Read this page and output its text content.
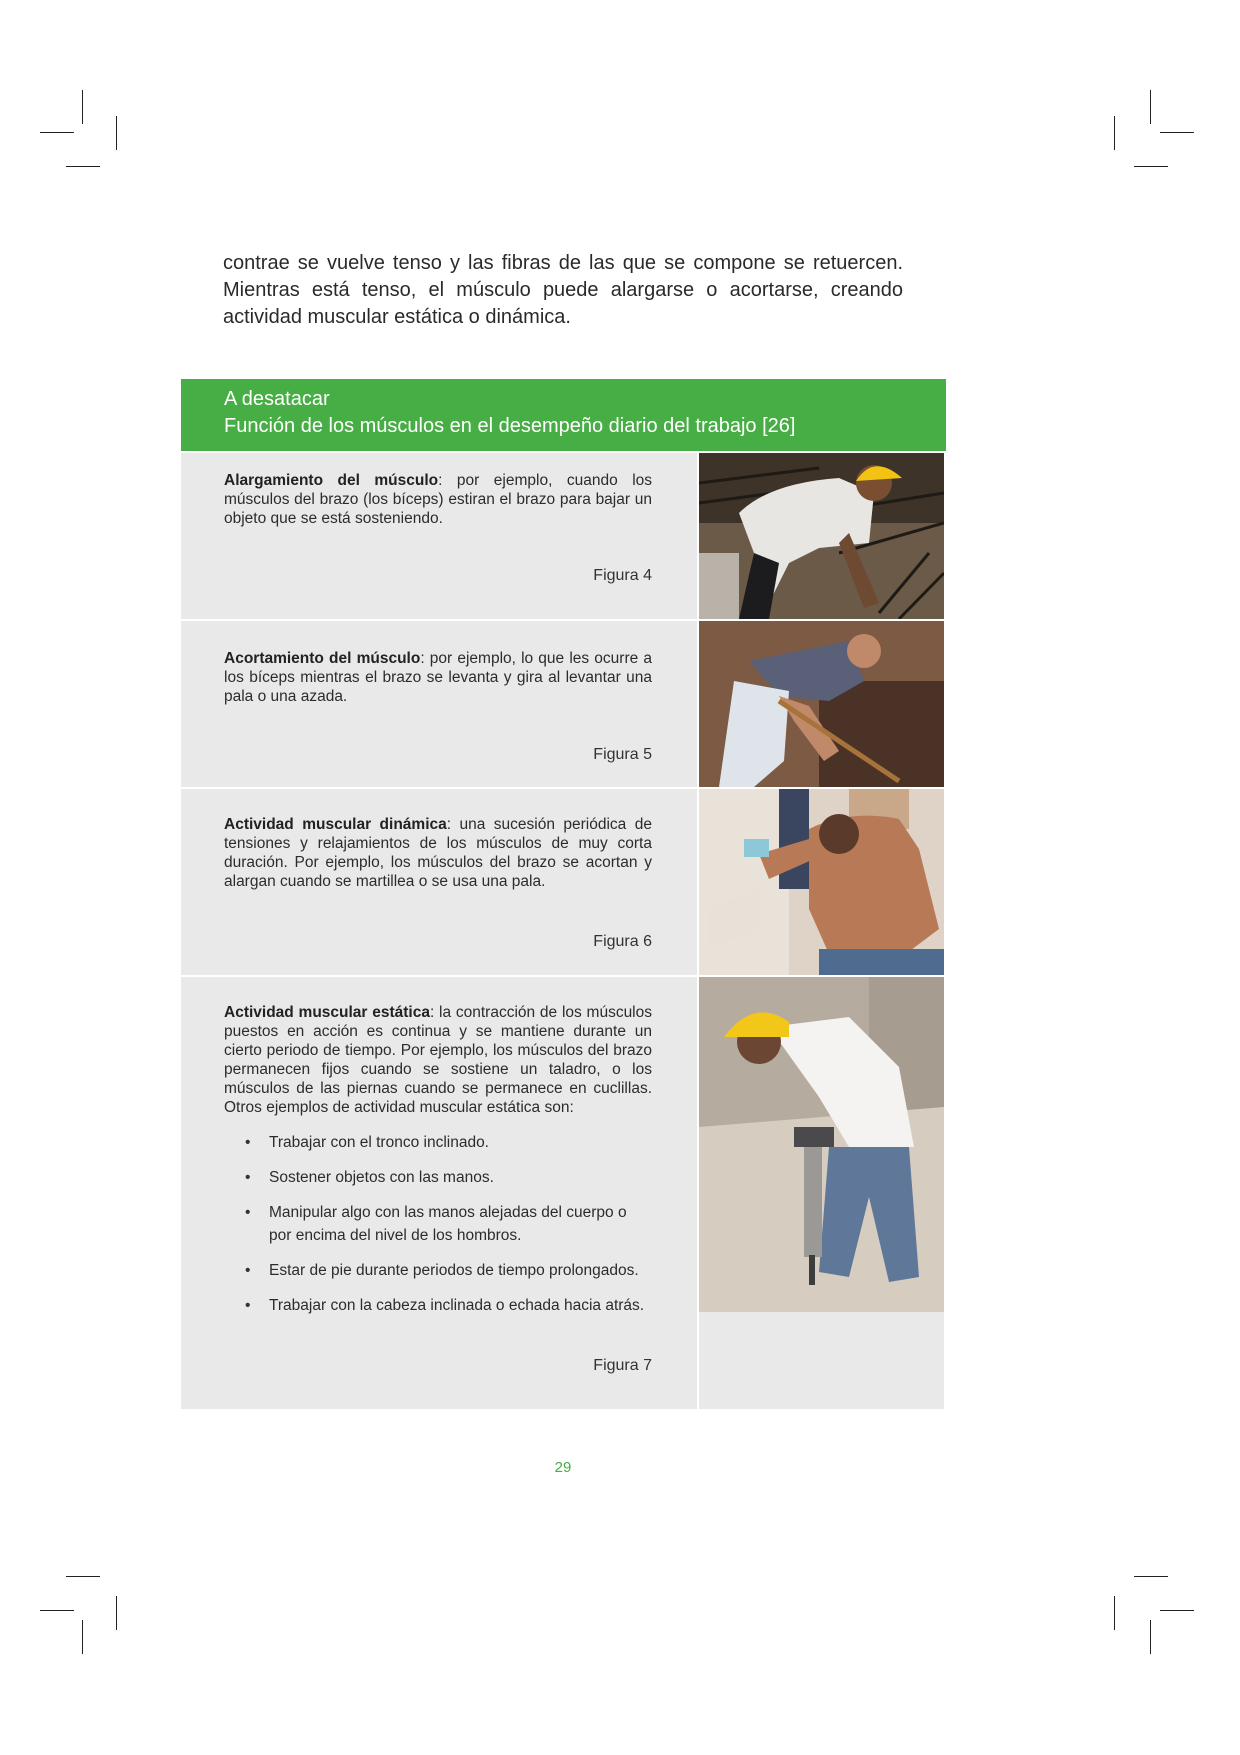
contrae se vuelve tenso y las fibras de las que se compone se retuercen. Mientras está tenso, el músculo puede alargarse o acortarse, creando actividad muscular estática o dinámica.

A desatacar
Función de los músculos en el desempeño diario del trabajo [26]

Alargamiento del músculo: por ejemplo, cuando los músculos del brazo (los bíceps) estiran el brazo para bajar un objeto que se está sosteniendo.

Figura 4

Acortamiento del músculo: por ejemplo, lo que les ocurre a los bíceps mientras el brazo se levanta y gira al levantar una pala o una azada.

Figura 5

Actividad muscular dinámica: una sucesión periódica de tensiones y relajamientos de los músculos de muy corta duración. Por ejemplo, los músculos del brazo se acortan y alargan cuando se martillea o se usa una pala.

Figura 6

Actividad muscular estática: la contracción de los músculos puestos en acción es continua y se mantiene durante un cierto periodo de tiempo. Por ejemplo, los músculos del brazo permanecen fijos cuando se sostiene un taladro, o los músculos de las piernas cuando se permanece en cuclillas. Otros ejemplos de actividad muscular estática son:

• Trabajar con el tronco inclinado.
• Sostener objetos con las manos.
• Manipular algo con las manos alejadas del cuerpo o por encima del nivel de los hombros.
• Estar de pie durante periodos de tiempo prolongados.
• Trabajar con la cabeza inclinada o echada hacia atrás.
Figura 7
29
